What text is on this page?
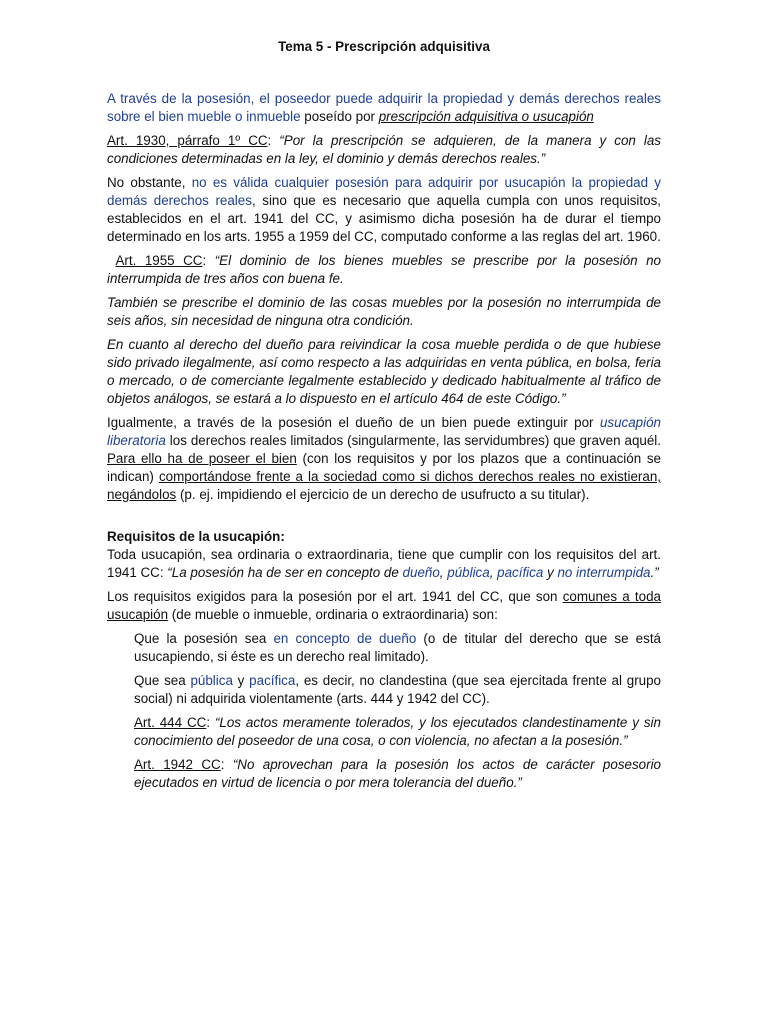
Tema 5 - Prescripción adquisitiva

A través de la posesión, el poseedor puede adquirir la propiedad y demás derechos reales sobre el bien mueble o inmueble poseído por prescripción adquisitiva o usucapión

Art. 1930, párrafo 1º CC: “Por la prescripción se adquieren, de la manera y con las condiciones determinadas en la ley, el dominio y demás derechos reales.”

No obstante, no es válida cualquier posesión para adquirir por usucapión la propiedad y demás derechos reales, sino que es necesario que aquella cumpla con unos requisitos, establecidos en el art. 1941 del CC, y asimismo dicha posesión ha de durar el tiempo determinado en los arts. 1955 a 1959 del CC, computado conforme a las reglas del art. 1960.

Art. 1955 CC: “El dominio de los bienes muebles se prescribe por la posesión no interrumpida de tres años con buena fe.

También se prescribe el dominio de las cosas muebles por la posesión no interrumpida de seis años, sin necesidad de ninguna otra condición.

En cuanto al derecho del dueño para reivindicar la cosa mueble perdida o de que hubiese sido privado ilegalmente, así como respecto a las adquiridas en venta pública, en bolsa, feria o mercado, o de comerciante legalmente establecido y dedicado habitualmente al tráfico de objetos análogos, se estará a lo dispuesto en el artículo 464 de este Código.”

Igualmente, a través de la posesión el dueño de un bien puede extinguir por usucapión liberatoria los derechos reales limitados (singularmente, las servidumbres) que graven aquél. Para ello ha de poseer el bien (con los requisitos y por los plazos que a continuación se indican) comportándose frente a la sociedad como si dichos derechos reales no existieran, negándolos (p. ej. impidiendo el ejercicio de un derecho de usufructo a su titular).

Requisitos de la usucapión:

Toda usucapión, sea ordinaria o extraordinaria, tiene que cumplir con los requisitos del art. 1941 CC: “La posesión ha de ser en concepto de dueño, pública, pacífica y no interrumpida.”

Los requisitos exigidos para la posesión por el art. 1941 del CC, que son comunes a toda usucapión (de mueble o inmueble, ordinaria o extraordinaria) son:

Que la posesión sea en concepto de dueño (o de titular del derecho que se está usucapiendo, si éste es un derecho real limitado).

Que sea pública y pacífica, es decir, no clandestina (que sea ejercitada frente al grupo social) ni adquirida violentamente (arts. 444 y 1942 del CC).

Art. 444 CC: “Los actos meramente tolerados, y los ejecutados clandestinamente y sin conocimiento del poseedor de una cosa, o con violencia, no afectan a la posesión.”

Art. 1942 CC: “No aprovechan para la posesión los actos de carácter posesorio ejecutados en virtud de licencia o por mera tolerancia del dueño.”
